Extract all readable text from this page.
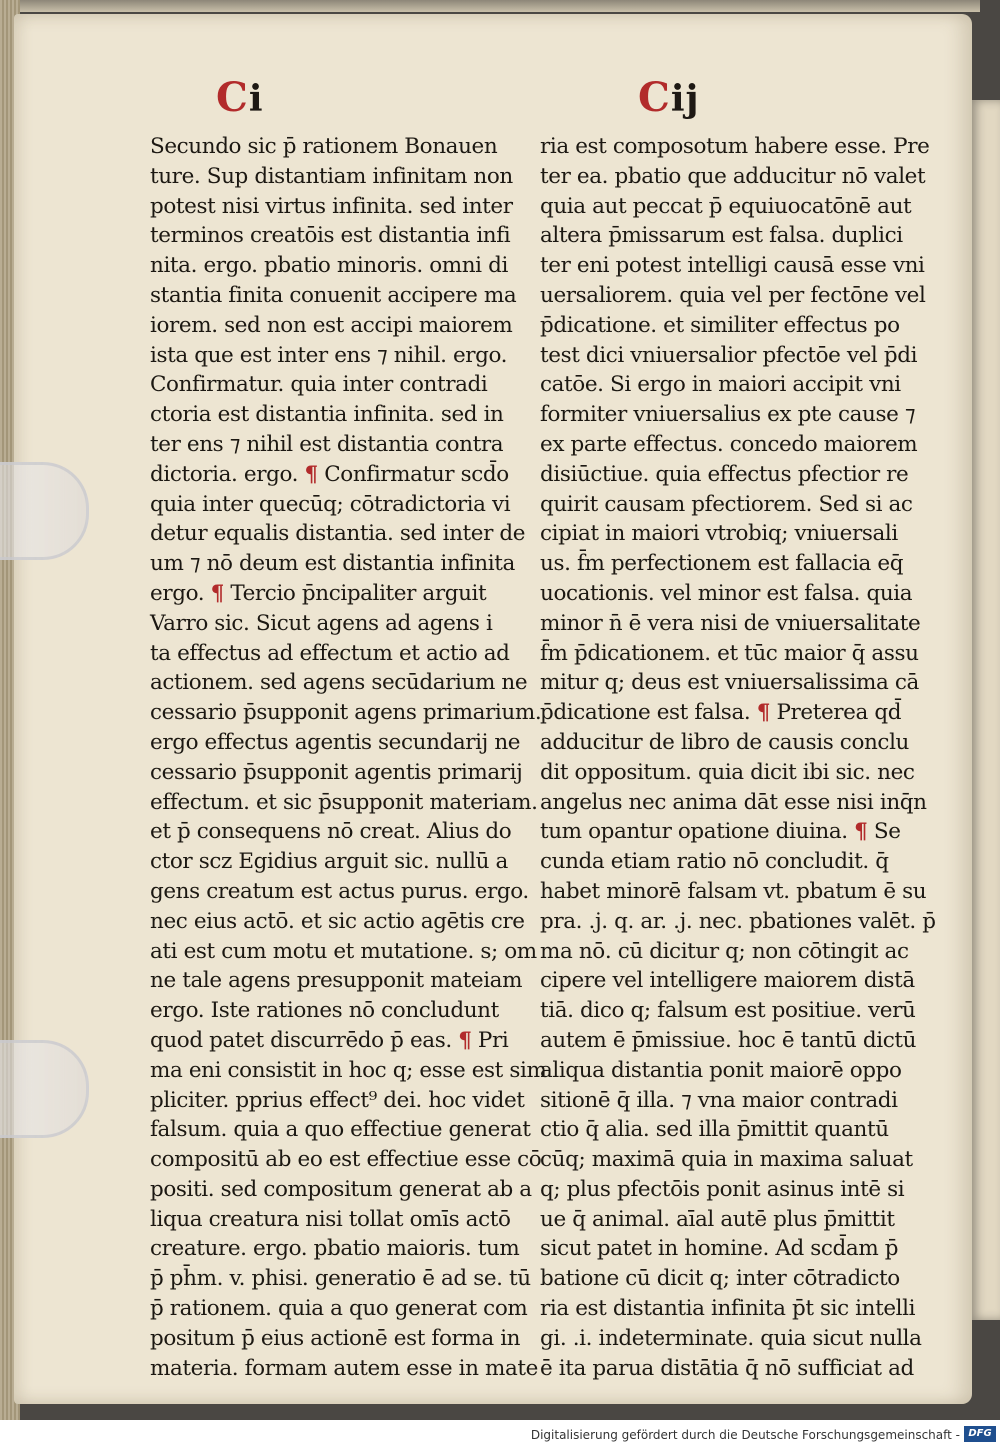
Ci	Cij
Secundo sic p̄ rationem Bonauen
ture. Sup distantiam infinitam non
potest nisi virtus infinita. sed inter
terminos creatōis est distantia infi
nita. ergo. pbatio minoris. omni di
stantia finita conuenit accipere ma
iorem. sed non est accipi maiorem
ista que est inter ens ⁊ nihil. ergo.
Confirmatur. quia inter contradi
ctoria est distantia infinita. sed in
ter ens ⁊ nihil est distantia contra
dictoria. ergo. ¶ Confirmatur scd̄o
quia inter quecūq; cōtradictoria vi
detur equalis distantia. sed inter de
um ⁊ nō deum est distantia infinita
ergo. ¶ Tercio p̄ncipaliter arguit
Varro sic. Sicut agens ad agens i
ta effectus ad effectum et actio ad
actionem. sed agens secūdarium ne
cessario p̄supponit agens primarium.
ergo effectus agentis secundarij ne
cessario p̄supponit agentis primarij
effectum. et sic p̄supponit materiam.
et p̄ consequens nō creat. Alius do
ctor scz Egidius arguit sic. nullū a
gens creatum est actus purus. ergo.
nec eius actō. et sic actio agētis cre
ati est cum motu et mutatione. s; om
ne tale agens presupponit mateiam
ergo. Iste rationes nō concludunt
quod patet discurrēdo p̄ eas. ¶ Pri
ma eni consistit in hoc q; esse est sim
pliciter. pprius effect⁹ dei. hoc videt
falsum. quia a quo effectiue generat
compositū ab eo est effectiue esse cō
positi. sed compositum generat ab a
liqua creatura nisi tollat omīs actō
creature. ergo. pbatio maioris. tum
p̄ ph̄m. v. phisi. generatio ē ad se. tū
p̄ rationem. quia a quo generat com
positum p̄ eius actionē est forma in
materia. formam autem esse in mate
ria est composotum habere esse. Pre
ter ea. pbatio que adducitur nō valet
quia aut peccat p̄ equiuocatōnē aut
altera p̄missarum est falsa. duplici
ter eni potest intelligi causā esse vni
uersaliorem. quia vel per fectōne vel
p̄dicatione. et similiter effectus po
test dici vniuersalior pfectōe vel p̄di
catōe. Si ergo in maiori accipit vni
formiter vniuersalius ex pte cause ⁊
ex parte effectus. concedo maiorem
disiūctiue. quia effectus pfectior re
quirit causam pfectiorem. Sed si ac
cipiat in maiori vtrobiq; vniuersali
us. f̄m perfectionem est fallacia eq̄
uocationis. vel minor est falsa. quia
minor n̄ ē vera nisi de vniuersalitate
f̄m p̄dicationem. et tūc maior q̄ assu
mitur q; deus est vniuersalissima cā
p̄dicatione est falsa. ¶ Preterea qd̄
adducitur de libro de causis conclu
dit oppositum. quia dicit ibi sic. nec
angelus nec anima dāt esse nisi inq̄n
tum opantur opatione diuina. ¶ Se
cunda etiam ratio nō concludit. q̄
habet minorē falsam vt. pbatum ē su
pra. .j. q. ar. .j. nec. pbationes valēt. p̄
ma nō. cū dicitur q; non cōtingit ac
cipere vel intelligere maiorem distā
tiā. dico q; falsum est positiue. verū
autem ē p̄missiue. hoc ē tantū dictū
aliqua distantia ponit maiorē oppo
sitionē q̄ illa. ⁊ vna maior contradi
ctio q̄ alia. sed illa p̄mittit quantū
cūq; maximā quia in maxima saluat
q; plus pfectōis ponit asinus intē si
ue q̄ animal. aīal autē plus p̄mittit
sicut patet in homine. Ad scd̄am p̄
batione cū dicit q; inter cōtradicto
ria est distantia infinita p̄t sic intelli
gi. .i. indeterminate. quia sicut nulla
ē ita parua distātia q̄ nō sufficiat ad
Digitalisierung gefördert durch die Deutsche Forschungsgemeinschaft - DFG
